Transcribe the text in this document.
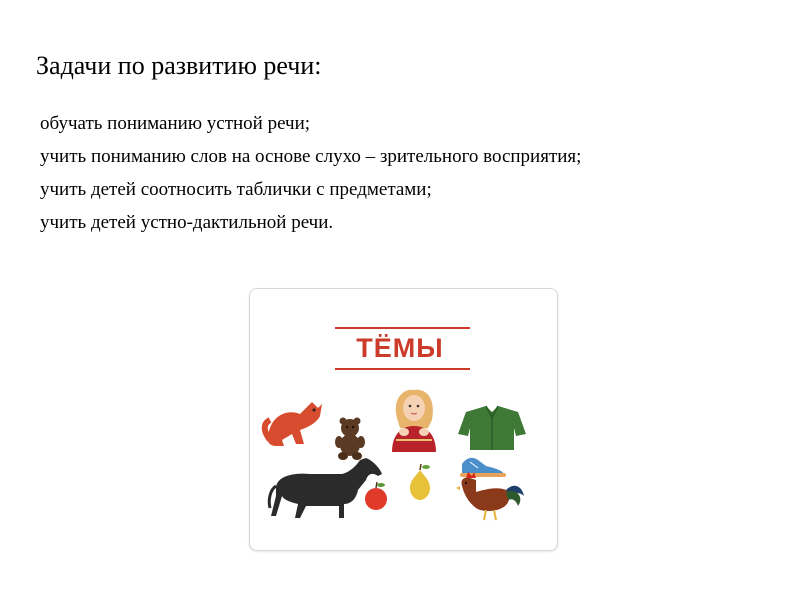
Задачи по развитию речи:
обучать пониманию устной речи;
учить пониманию слов на основе слухо – зрительного восприятия;
учить детей соотносить таблички с предметами;
учить детей устно-дактильной речи.
ТЁМЫ
